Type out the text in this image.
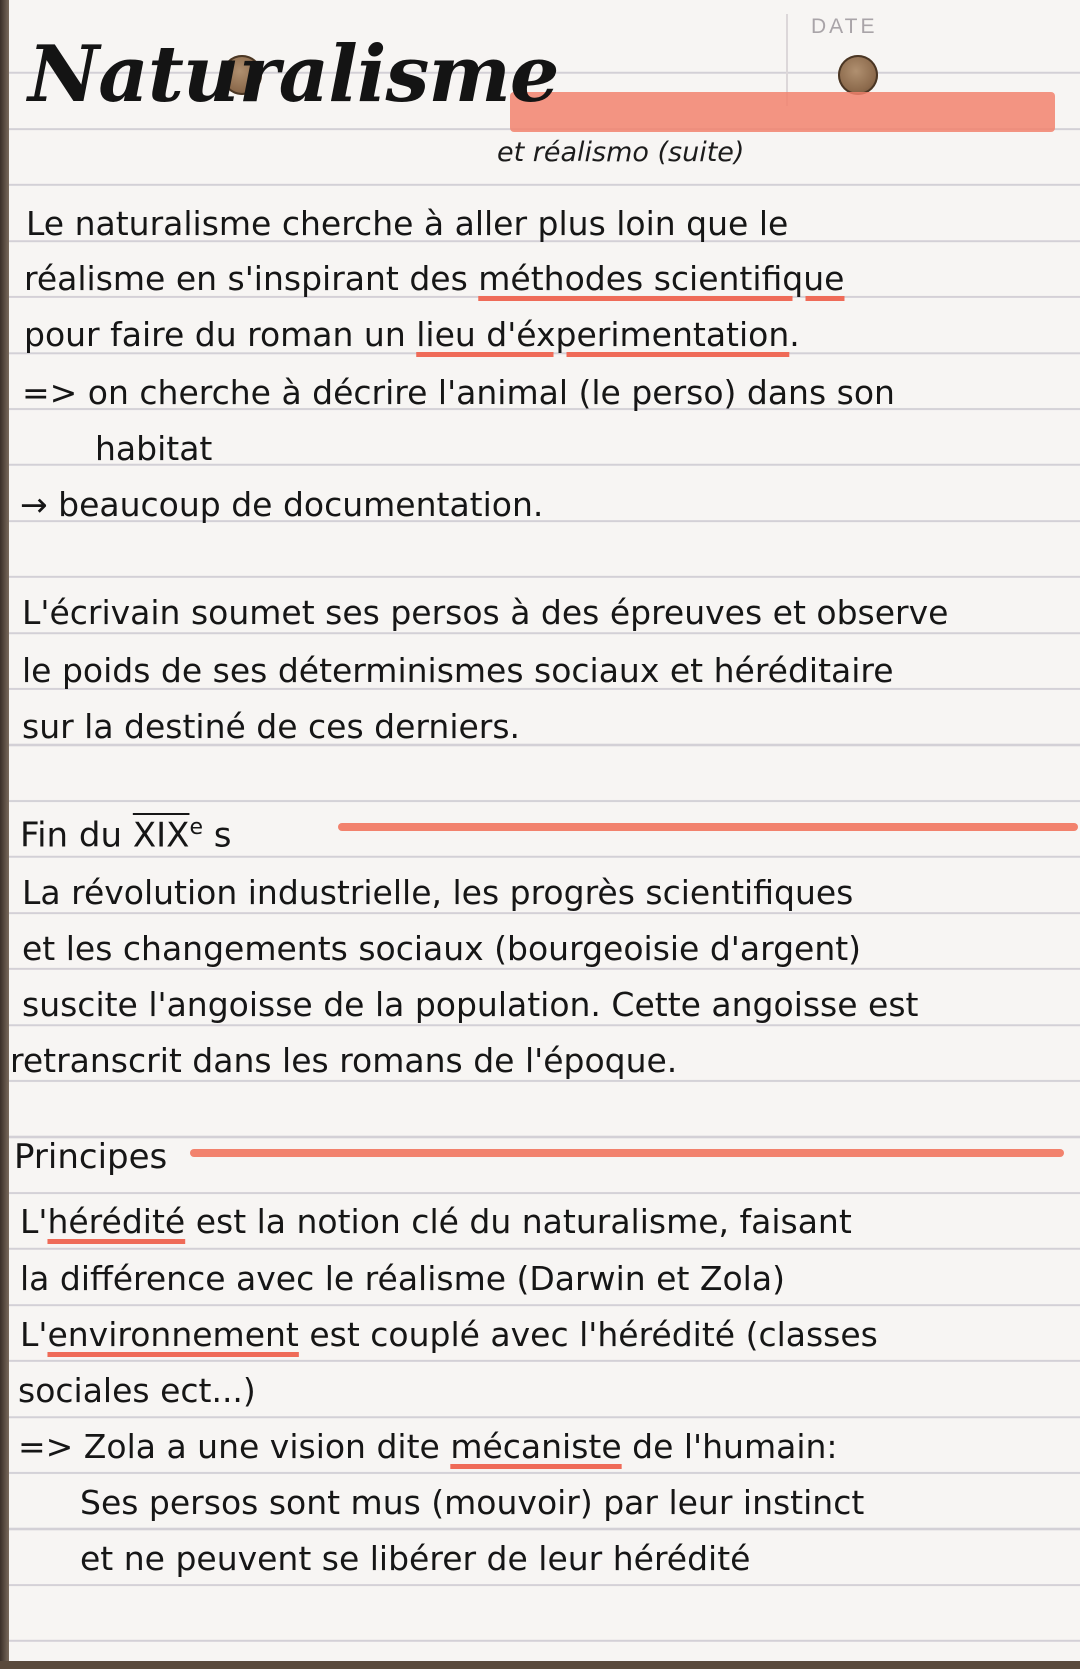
DATE
Naturalisme
et réalismo (suite)
Le naturalisme cherche à aller plus loin que le
réalisme en s'inspirant des méthodes scientifique
pour faire du roman un lieu d'éxperimentation.
=> on cherche à décrire l'animal (le perso) dans son
habitat
→ beaucoup de documentation.
L'écrivain soumet ses persos à des épreuves et observe
le poids de ses déterminismes sociaux et héréditaire
sur la destiné de ces derniers.
Fin du $\overline{XIX}^e$ s
La révolution industrielle, les progrès scientifiques
et les changements sociaux (bourgeoisie d'argent)
suscite l'angoisse de la population. Cette angoisse est
retranscrit dans les romans de l'époque.
Principes
L'hérédité est la notion clé du naturalisme, faisant
la différence avec le réalisme (Darwin et Zola)
L'environnement est couplé avec l'hérédité (classes
sociales ect...)
=> Zola a une vision dite mécaniste de l'humain:
Ses persos sont mus (mouvoir) par leur instinct
et ne peuvent se libérer de leur hérédité
